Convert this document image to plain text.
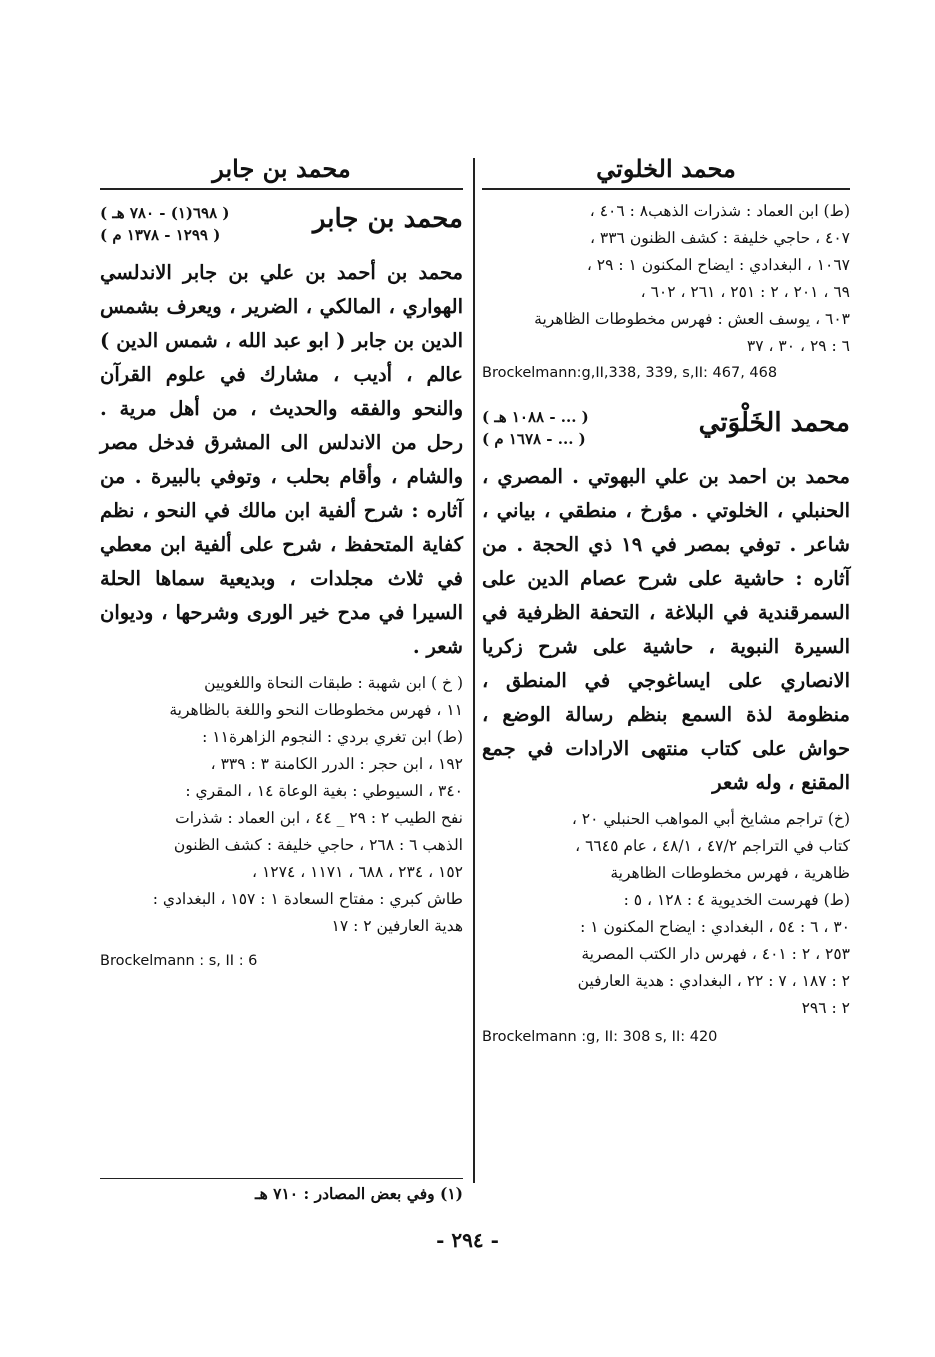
محمد الخلوتي

(ط) ابن العماد : شذرات الذهب٨ : ٤٠٦ ،

٤٠٧ ، حاجي خليفة : كشف الظنون ٣٣٦ ،

١٠٦٧ ، البغدادي : ايضاح المكنون ١ : ٢٩ ،

٦٩ ، ٢٠١ ، ٢ : ٢٥١ ، ٢٦١ ، ٦٠٢ ،

٦٠٣ ، يوسف العش : فهرس مخطوطات الظاهرية

٦ : ٢٩ ، ٣٠ ، ٣٧

Brockelmann:g,II,338, 339, s,II: 467, 468

محمد الخَلْوَتي
( ... - ١٠٨٨ هـ )
( ... - ١٦٧٨ م )

محمد بن احمد بن علي البهوتي . المصري ، الحنبلي ، الخلوتي . مؤرخ ، منطقي ، بياني ، شاعر . توفي بمصر في ١٩ ذي الحجة . من آثاره : حاشية على شرح عصام الدين على السمرقندية في البلاغة ، التحفة الظرفية في السيرة النبوية ، حاشية على شرح زكريا الانصاري على ايساغوجي في المنطق ، منظومة لذة السمع بنظم رسالة الوضع ، حواش على كتاب منتهى الارادات في جمع المقنع ، وله شعر

(خ) تراجم مشايخ أبي المواهب الحنبلي ٢٠ ،

كتاب في التراجم ٤٧/٢ ، ٤٨/١ ، عام ٦٦٤٥ ،

ظاهرية ، فهرس مخطوطات الظاهرية

(ط) فهرست الخديوية ٤ : ١٢٨ ، ٥ :

٣٠ ، ٦ : ٥٤ ، البغدادي : ايضاح المكنون ١ :

٢٥٣ ، ٢ : ٤٠١ ، فهرس دار الكتب المصرية

٢ : ١٨٧ ، ٧ : ٢٢ ، البغدادي : هدية العارفين

٢ : ٢٩٦

Brockelmann :g, II: 308 s, II: 420

محمد بن جابر
محمد بن جابر
( ٦٩٨(١) - ٧٨٠ هـ )
( ١٢٩٩ - ١٣٧٨ م )

محمد بن أحمد بن علي بن جابر الاندلسي الهواري ، المالكي ، الضرير ، ويعرف بشمس الدين بن جابر ( ابو عبد الله ، شمس الدين ) عالم ، أديب ، مشارك في علوم القرآن والنحو والفقه والحديث ، من أهل مرية . رحل من الاندلس الى المشرق فدخل مصر والشام ، وأقام بحلب ، وتوفي بالبيرة . من آثاره : شرح ألفية ابن مالك في النحو ، نظم كفاية المتحفظ ، شرح على ألفية ابن معطي في ثلاث مجلدات ، وبديعية سماها الحلة السيرا في مدح خير الورى وشرحها ، وديوان شعر .

( خ ) ابن شهبة : طبقات النحاة واللغويين

١١ ، فهرس مخطوطات النحو واللغة بالظاهرية

(ط) ابن تغري بردي : النجوم الزاهرة١١ :

١٩٢ ، ابن حجر : الدرر الكامنة ٣ : ٣٣٩ ،

٣٤٠ ، السيوطي : بغية الوعاة ١٤ ، المقري :

نفح الطيب ٢ : ٢٩ _ ٤٤ ، ابن العماد : شذرات

الذهب ٦ : ٢٦٨ ، حاجي خليفة : كشف الظنون

١٥٢ ، ٢٣٤ ، ٦٨٨ ، ١١٧١ ، ١٢٧٤ ،

طاش كبري : مفتاح السعادة ١ : ١٥٧ ، البغدادي :

هدية العارفين ٢ : ١٧

Brockelmann : s, II : 6

(١) وفي بعض المصادر : ٧١٠ هـ
- ٢٩٤ -
